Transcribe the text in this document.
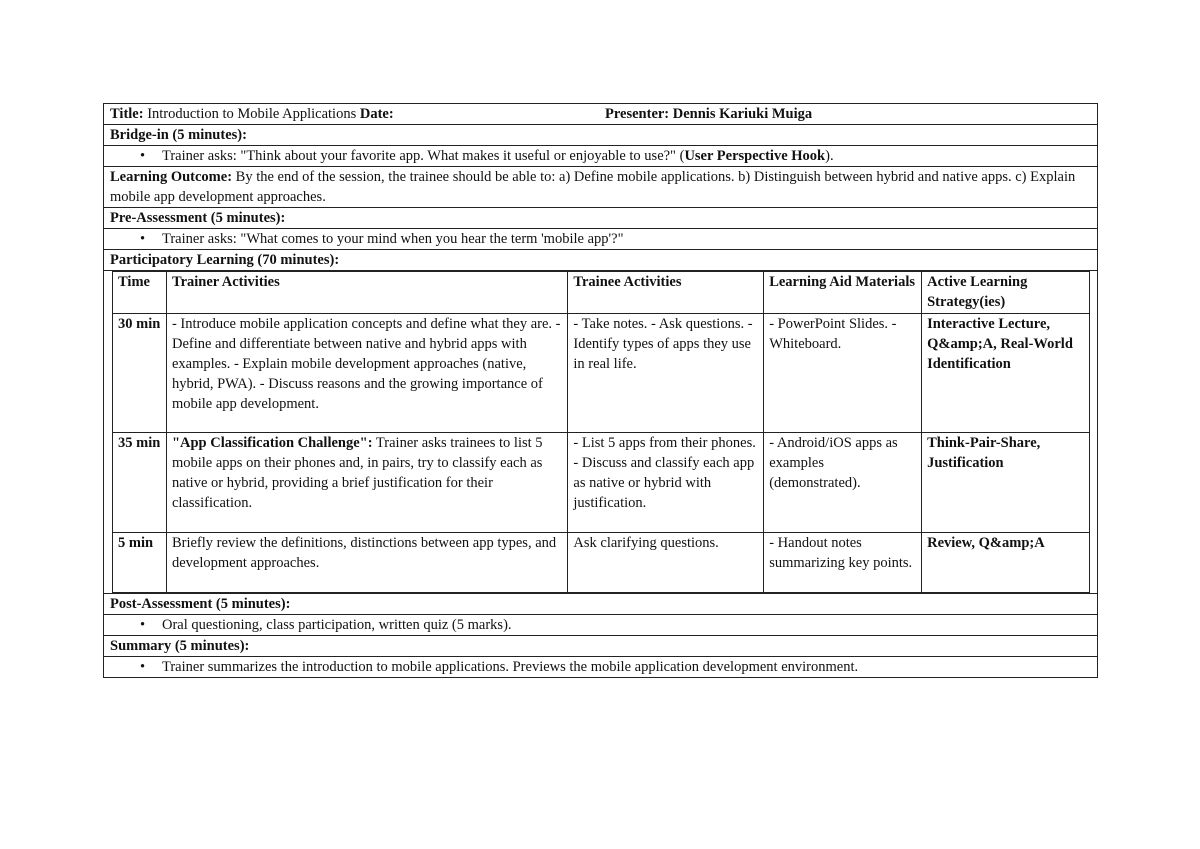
Title: Introduction to Mobile Applications Date:	Presenter: Dennis Kariuki Muiga
Bridge-in (5 minutes):
• Trainer asks: "Think about your favorite app. What makes it useful or enjoyable to use?" (User Perspective Hook).
Learning Outcome: By the end of the session, the trainee should be able to: a) Define mobile applications. b) Distinguish between hybrid and native apps. c) Explain mobile app development approaches.
Pre-Assessment (5 minutes):
• Trainer asks: "What comes to your mind when you hear the term 'mobile app'?"
Participatory Learning (70 minutes):
Time	Trainer Activities	Trainee Activities	Learning Aid Materials	Active Learning Strategy(ies)
30 min	- Introduce mobile application concepts and define what they are. - Define and differentiate between native and hybrid apps with examples. - Explain mobile development approaches (native, hybrid, PWA). - Discuss reasons and the growing importance of mobile app development.	- Take notes. - Ask questions. - Identify types of apps they use in real life.	- PowerPoint Slides. - Whiteboard.	Interactive Lecture, Q&amp;A, Real-World Identification
35 min	"App Classification Challenge": Trainer asks trainees to list 5 mobile apps on their phones and, in pairs, try to classify each as native or hybrid, providing a brief justification for their classification.	- List 5 apps from their phones. - Discuss and classify each app as native or hybrid with justification.	- Android/iOS apps as examples (demonstrated).	Think-Pair-Share, Justification
5 min	Briefly review the definitions, distinctions between app types, and development approaches.	Ask clarifying questions.	- Handout notes summarizing key points.	Review, Q&amp;A
Post-Assessment (5 minutes):
• Oral questioning, class participation, written quiz (5 marks).
Summary (5 minutes):
• Trainer summarizes the introduction to mobile applications. Previews the mobile application development environment.
